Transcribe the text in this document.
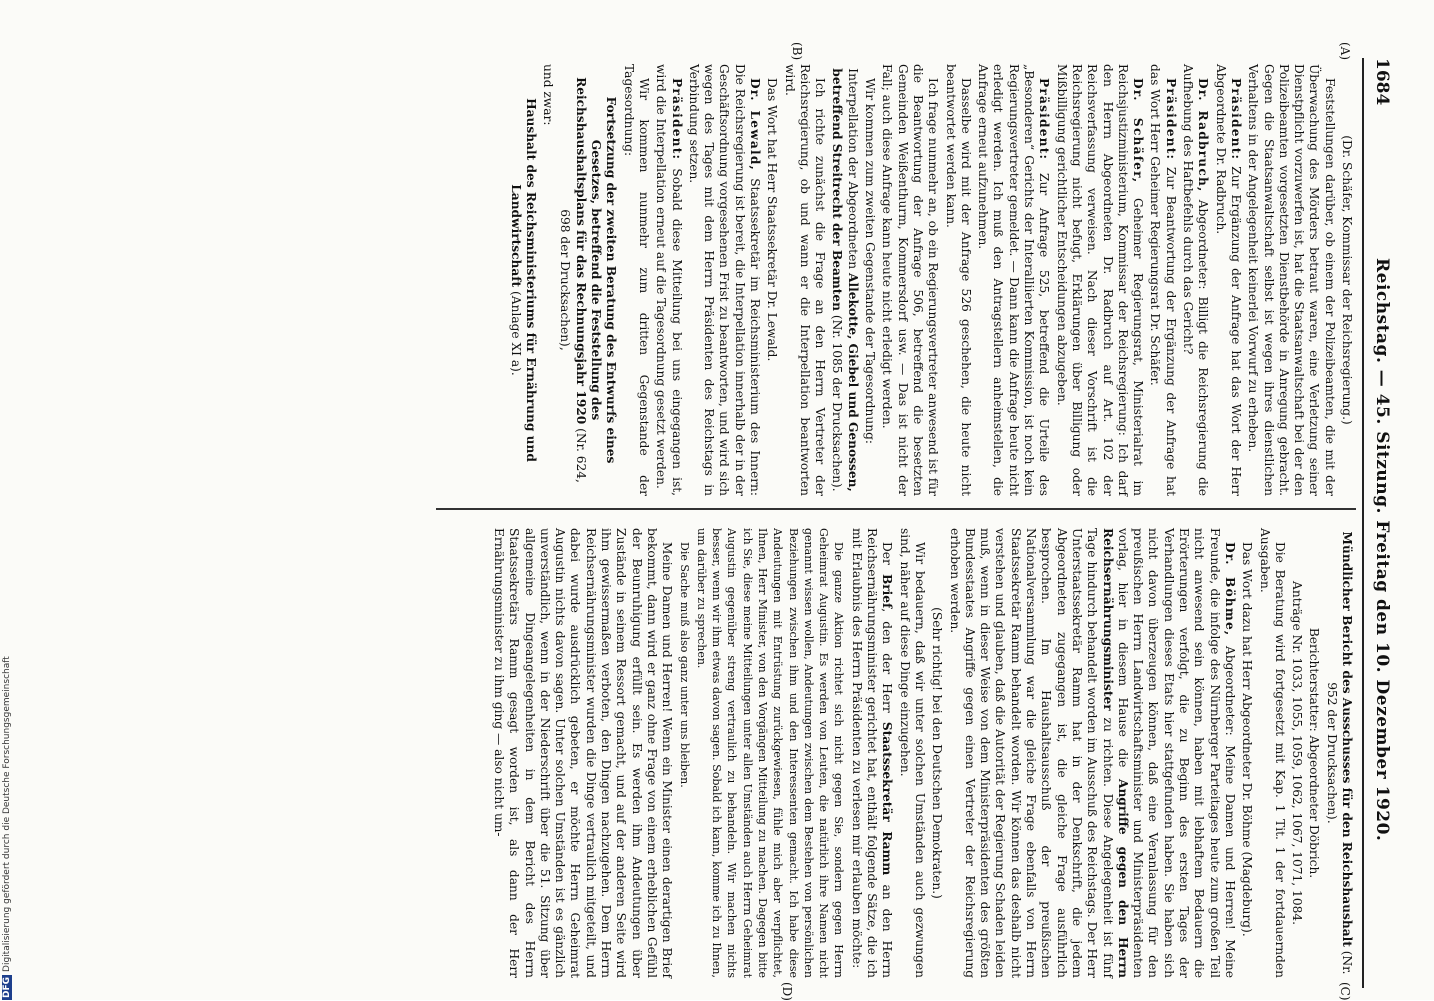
1684
Reichstag. — 45. Sitzung. Freitag den 10. Dezember 1920.
(A)
(B)
(C)
(D)

(Dr. Schäfer, Kommissar der Reichsregierung.)

Feststellungen darüber, ob einem der Polizeibeamten, die mit der Überwachung des Mörders betraut waren, eine Verletzung seiner Dienstpflicht vorzuwerfen ist, hat die Staatsanwaltschaft bei der den Polizeibeamten vorgesetzten Dienstbehörde in Anregung gebracht. Gegen die Staatsanwaltschaft selbst ist wegen ihres dienstlichen Verhaltens in der Angelegenheit keinerlei Vorwurf zu erheben.

Präsident: Zur Ergänzung der Anfrage hat das Wort der Herr Abgeordnete Dr. Radbruch.

Dr. Radbruch, Abgeordneter: Billigt die Reichsregierung die Aufhebung des Haftbefehls durch das Gericht?

Präsident: Zur Beantwortung der Ergänzung der Anfrage hat das Wort Herr Geheimer Regierungsrat Dr. Schäfer.

Dr. Schäfer, Geheimer Regierungsrat, Ministerialrat im Reichsjustizministerium, Kommissar der Reichsregierung: Ich darf den Herrn Abgeordneten Dr. Radbruch auf Art. 102 der Reichsverfassung verweisen. Nach dieser Vorschrift ist die Reichsregierung nicht befugt, Erklärungen über Billigung oder Mißbilligung gerichtlicher Entscheidungen abzugeben.

Präsident: Zur Anfrage 525, betreffend die Urteile des „Besonderen“ Gerichts der Interalliierten Kommission, ist noch kein Regierungsvertreter gemeldet. — Dann kann die Anfrage heute nicht erledigt werden. Ich muß den Antragstellern anheimstellen, die Anfrage erneut aufzunehmen.

Dasselbe wird mit der Anfrage 526 geschehen, die heute nicht beantwortet werden kann.

Ich frage nunmehr an, ob ein Regierungsvertreter anwesend ist für die Beantwortung der Anfrage 506, betreffend die besetzten Gemeinden Weißenthurm, Kommersdorf usw. — Das ist nicht der Fall; auch diese Anfrage kann heute nicht erledigt werden.

Wir kommen zum zweiten Gegenstande der Tagesordnung:

Interpellation der Abgeordneten Allekotte, Giebel und Genossen, betreffend Streitrecht der Beamten (Nr. 1085 der Drucksachen).

Ich richte zunächst die Frage an den Herrn Vertreter der Reichsregierung, ob und wann er die Interpellation beantworten wird.

Das Wort hat Herr Staatssekretär Dr. Lewald.

Dr. Lewald, Staatssekretär im Reichsministerium des Innern: Die Reichsregierung ist bereit, die Interpellation innerhalb der in der Geschäftsordnung vorgesehenen Frist zu beantworten, und wird sich wegen des Tages mit dem Herrn Präsidenten des Reichstags in Verbindung setzen.

Präsident: Sobald diese Mitteilung bei uns eingegangen ist, wird die Interpellation erneut auf die Tagesordnung gesetzt werden.

Wir kommen nunmehr zum dritten Gegenstande der Tagesordnung:

Fortsetzung der zweiten Beratung des Entwurfs eines Gesetzes, betreffend die Feststellung des Reichshaushaltsplans für das Rechnungsjahr 1920 (Nr. 624, 698 der Drucksachen),

und zwar:

Haushalt des Reichsministeriums für Ernährung und Landwirtschaft (Anlage XI a).

Mündlicher Bericht des Ausschusses für den Reichshaushalt (Nr. 952 der Drucksachen).

Berichterstatter: Abgeordneter Döbrich.

Anträge Nr. 1033, 1055, 1059, 1062, 1067, 1071, 1084.

Die Beratung wird fortgesetzt mit Kap. 1 Tit. 1 der fortdauernden Ausgaben.

Das Wort dazu hat Herr Abgeordneter Dr. Böhme (Magdeburg).

Dr. Böhme, Abgeordneter: Meine Damen und Herren! Meine Freunde, die infolge des Nürnberger Parteitages heute zum großen Teil nicht anwesend sein können, haben mit lebhaftem Bedauern die Erörterungen verfolgt, die zu Beginn des ersten Tages der Verhandlungen dieses Etats hier stattgefunden haben. Sie haben sich nicht davon überzeugen können, daß eine Veranlassung für den preußischen Herrn Landwirtschaftsminister und Ministerpräsidenten vorlag, hier in diesem Hause die Angriffe gegen den Herrn Reichsernährungsminister zu richten. Diese Angelegenheit ist fünf Tage hindurch behandelt worden im Ausschuß des Reichstags. Der Herr Unterstaatssekretär Ramm hat in der Denkschrift, die jedem Abgeordneten zugegangen ist, die gleiche Frage ausführlich besprochen. Im Haushaltsausschuß der preußischen Nationalversammlung war die gleiche Frage ebenfalls von Herrn Staatssekretär Ramm behandelt worden. Wir können das deshalb nicht verstehen und glauben, daß die Autorität der Regierung Schaden leiden muß, wenn in dieser Weise von dem Ministerpräsidenten des größten Bundesstaates Angriffe gegen einen Vertreter der Reichsregierung erhoben werden.

(Sehr richtig! bei den Deutschen Demokraten.)

Wir bedauern, daß wir unter solchen Umständen auch gezwungen sind, näher auf diese Dinge einzugehen.

Der Brief, den der Herr Staatssekretär Ramm an den Herrn Reichsernährungsminister gerichtet hat, enthält folgende Sätze, die ich mit Erlaubnis des Herrn Präsidenten zu verlesen mir erlauben möchte:

Die ganze Aktion richtet sich nicht gegen Sie, sondern gegen Herrn Geheimrat Augustin. Es werden von Leuten, die natürlich ihre Namen nicht genannt wissen wollen, Andeutungen zwischen dem Bestehen von persönlichen Beziehungen zwischen ihm und den Interessenten gemacht. Ich habe diese Andeutungen mit Entrüstung zurückgewiesen, fühle mich aber verpflichtet, Ihnen, Herr Minister, von den Vorgängen Mitteilung zu machen. Dagegen bitte ich Sie, diese meine Mitteilungen unter allen Umständen auch Herrn Geheimrat Augustin gegenüber streng vertraulich zu behandeln. Wir machen nichts besser, wenn wir ihm etwas davon sagen. Sobald ich kann, komme ich zu Ihnen, um darüber zu sprechen.

Die Sache muß also ganz unter uns bleiben.

Meine Damen und Herren! Wenn ein Minister einen derartigen Brief bekommt, dann wird er ganz ohne Frage von einem erheblichen Gefühl der Beunruhigung erfüllt sein. Es werden ihm Andeutungen über Zustände in seinem Ressort gemacht, und auf der anderen Seite wird ihm gewissermaßen verboten, den Dingen nachzugehen. Dem Herrn Reichsernährungsminister wurden die Dinge vertraulich mitgeteilt, und dabei wurde ausdrücklich gebeten, er möchte Herrn Geheimrat Augustin nichts davon sagen. Unter solchen Umständen ist es gänzlich unverständlich, wenn in der Niederschrift über die 51. Sitzung über allgemeine Dingeangelegenheiten in dem Bericht des Herrn Staatssekretärs Ramm gesagt worden ist, als dann der Herr Ernährungsminister zu ihm ging — also nicht um-

DFGDigitalisierung gefördert durch die Deutsche Forschungsgemeinschaft
